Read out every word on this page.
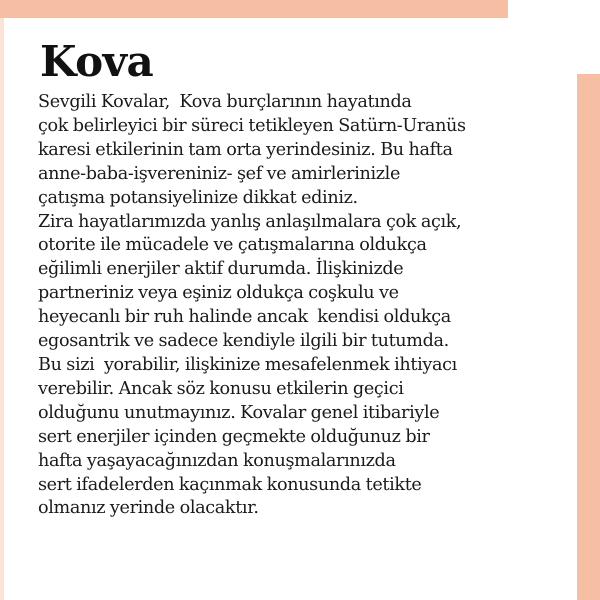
Kova
Sevgili Kovalar,  Kova burçlarının hayatında
çok belirleyici bir süreci tetikleyen Satürn-Uranüs
karesi etkilerinin tam orta yerindesiniz. Bu hafta
anne-baba-işvereniniz- şef ve amirlerinizle
çatışma potansiyelinize dikkat ediniz.
Zira hayatlarımızda yanlış anlaşılmalara çok açık,
otorite ile mücadele ve çatışmalarına oldukça
eğilimli enerjiler aktif durumda. İlişkinizde
partneriniz veya eşiniz oldukça coşkulu ve
heyecanlı bir ruh halinde ancak  kendisi oldukça
egosantrik ve sadece kendiyle ilgili bir tutumda.
Bu sizi  yorabilir, ilişkinize mesafelenmek ihtiyacı
verebilir. Ancak söz konusu etkilerin geçici
olduğunu unutmayınız. Kovalar genel itibariyle
sert enerjiler içinden geçmekte olduğunuz bir
hafta yaşayacağınızdan konuşmalarınızda
sert ifadelerden kaçınmak konusunda tetikte
olmanız yerinde olacaktır.
